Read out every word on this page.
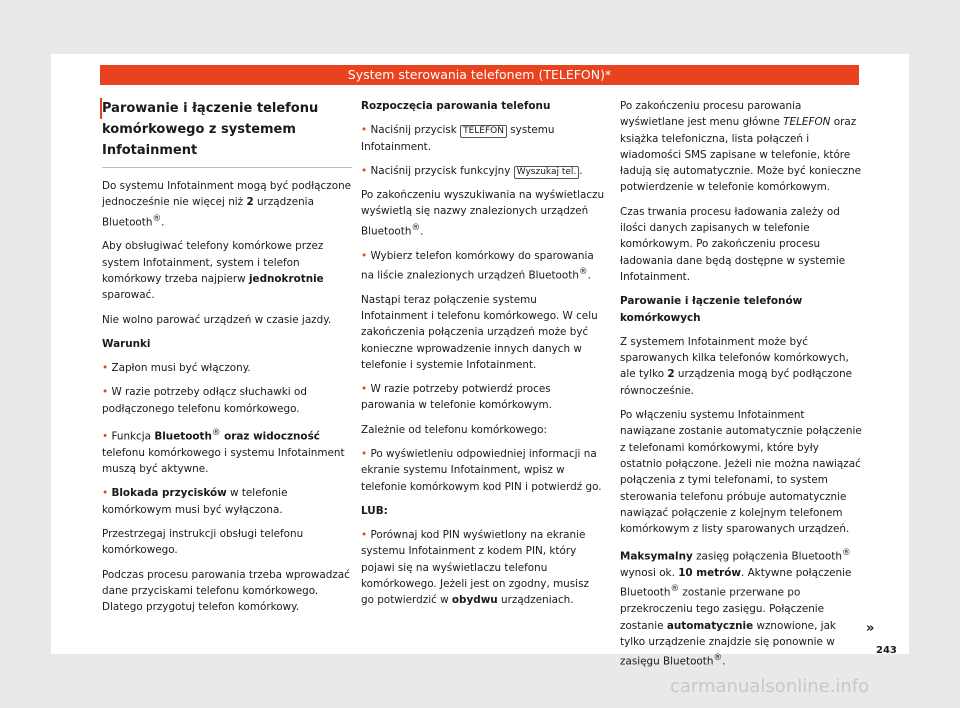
System sterowania telefonem (TELEFON)*
Parowanie i łączenie telefonu komórkowego z systemem Infotainment

Do systemu Infotainment mogą być podłączone jednocześnie nie więcej niż 2 urządzenia Bluetooth®.

Aby obsługiwać telefony komórkowe przez system Infotainment, system i telefon komórkowy trzeba najpierw jednokrotnie sparować.

Nie wolno parować urządzeń w czasie jazdy.

Warunki

• Zapłon musi być włączony.

• W razie potrzeby odłącz słuchawki od podłączonego telefonu komórkowego.

• Funkcja Bluetooth® oraz widoczność telefonu komórkowego i systemu Infotainment muszą być aktywne.

• Blokada przycisków w telefonie komórkowym musi być wyłączona.

Przestrzegaj instrukcji obsługi telefonu komórkowego.

Podczas procesu parowania trzeba wprowadzać dane przyciskami telefonu komórkowego. Dlatego przygotuj telefon komórkowy.

Rozpoczęcia parowania telefonu

• Naciśnij przycisk TELEFON systemu Infotainment.

• Naciśnij przycisk funkcyjny Wyszukaj tel. .

Po zakończeniu wyszukiwania na wyświetlaczu wyświetlą się nazwy znalezionych urządzeń Bluetooth®.

• Wybierz telefon komórkowy do sparowania na liście znalezionych urządzeń Bluetooth®.

Nastąpi teraz połączenie systemu Infotainment i telefonu komórkowego. W celu zakończenia połączenia urządzeń może być konieczne wprowadzenie innych danych w telefonie i systemie Infotainment.

• W razie potrzeby potwierdź proces parowania w telefonie komórkowym.

Zależnie od telefonu komórkowego:

• Po wyświetleniu odpowiedniej informacji na ekranie systemu Infotainment, wpisz w telefonie komórkowym kod PIN i potwierdź go.

LUB:

• Porównaj kod PIN wyświetlony na ekranie systemu Infotainment z kodem PIN, który pojawi się na wyświetlaczu telefonu komórkowego. Jeżeli jest on zgodny, musisz go potwierdzić w obydwu urządzeniach.

Po zakończeniu procesu parowania wyświetlane jest menu główne TELEFON oraz książka telefoniczna, lista połączeń i wiadomości SMS zapisane w telefonie, które ładują się automatycznie. Może być konieczne potwierdzenie w telefonie komórkowym.

Czas trwania procesu ładowania zależy od ilości danych zapisanych w telefonie komórkowym. Po zakończeniu procesu ładowania dane będą dostępne w systemie Infotainment.

Parowanie i łączenie telefonów komórkowych

Z systemem Infotainment może być sparowanych kilka telefonów komórkowych, ale tylko 2 urządzenia mogą być podłączone równocześnie.

Po włączeniu systemu Infotainment nawiązane zostanie automatycznie połączenie z telefonami komórkowymi, które były ostatnio połączone. Jeżeli nie można nawiązać połączenia z tymi telefonami, to system sterowania telefonu próbuje automatycznie nawiązać połączenie z kolejnym telefonem komórkowym z listy sparowanych urządzeń.

Maksymalny zasięg połączenia Bluetooth® wynosi ok. 10 metrów. Aktywne połączenie Bluetooth® zostanie przerwane po przekroczeniu tego zasięgu. Połączenie zostanie automatycznie wznowione, jak tylko urządzenie znajdzie się ponownie w zasięgu Bluetooth®.

»
243
carmanualsonline.info
